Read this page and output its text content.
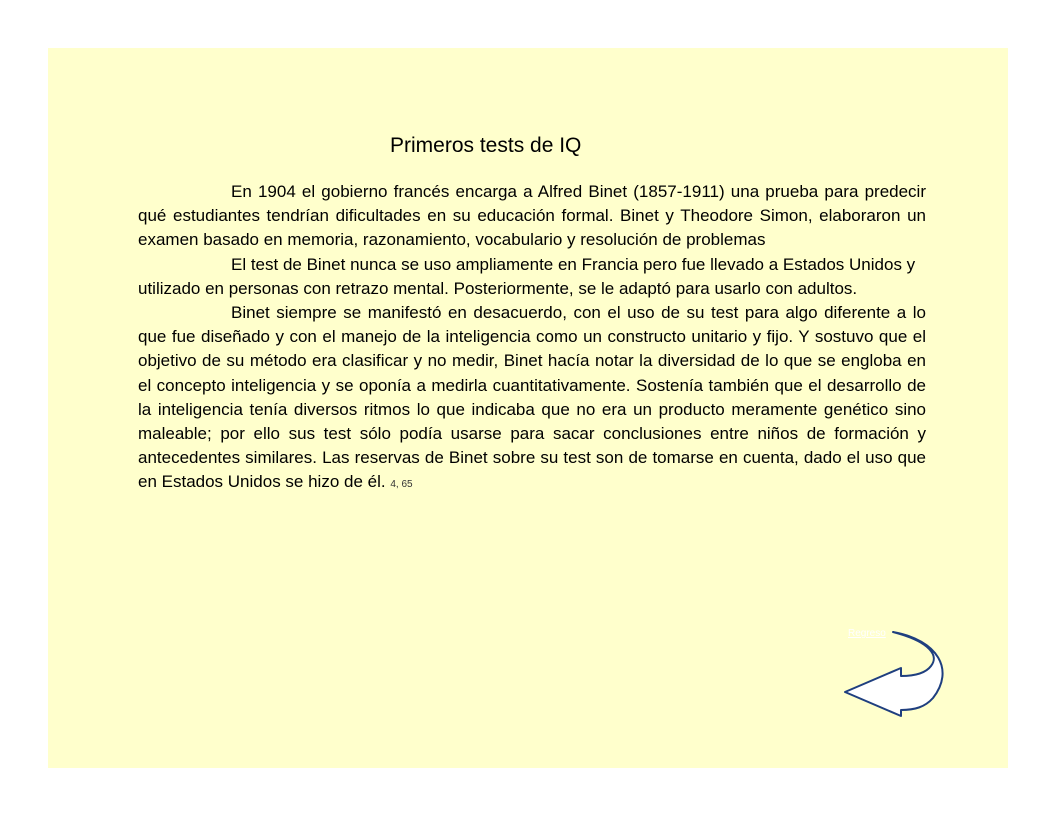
Primeros tests de IQ

En 1904 el gobierno francés encarga a Alfred Binet (1857-1911) una prueba para predecir qué estudiantes tendrían dificultades en su educación formal. Binet y Theodore Simon, elaboraron un examen basado en memoria, razonamiento, vocabulario y resolución de problemas

El test de Binet nunca se uso ampliamente en Francia pero fue llevado a Estados Unidos y utilizado en personas con retrazo mental. Posteriormente, se le adaptó para usarlo con adultos.

Binet siempre se manifestó en desacuerdo, con el uso de su test para algo diferente a lo que fue diseñado y con el manejo de la inteligencia como un constructo unitario y fijo. Y sostuvo que el objetivo de su método era clasificar y no medir, Binet hacía notar la diversidad de lo que se engloba en el concepto inteligencia y se oponía a medirla cuantitativamente. Sostenía también que el desarrollo de la inteligencia tenía diversos ritmos lo que indicaba que no era un producto meramente genético sino maleable; por ello sus test sólo podía usarse para sacar conclusiones entre niños de formación y antecedentes similares. Las reservas de Binet sobre su test son de tomarse en cuenta, dado el uso que en Estados Unidos se hizo de él. 4, 65

Regreso
